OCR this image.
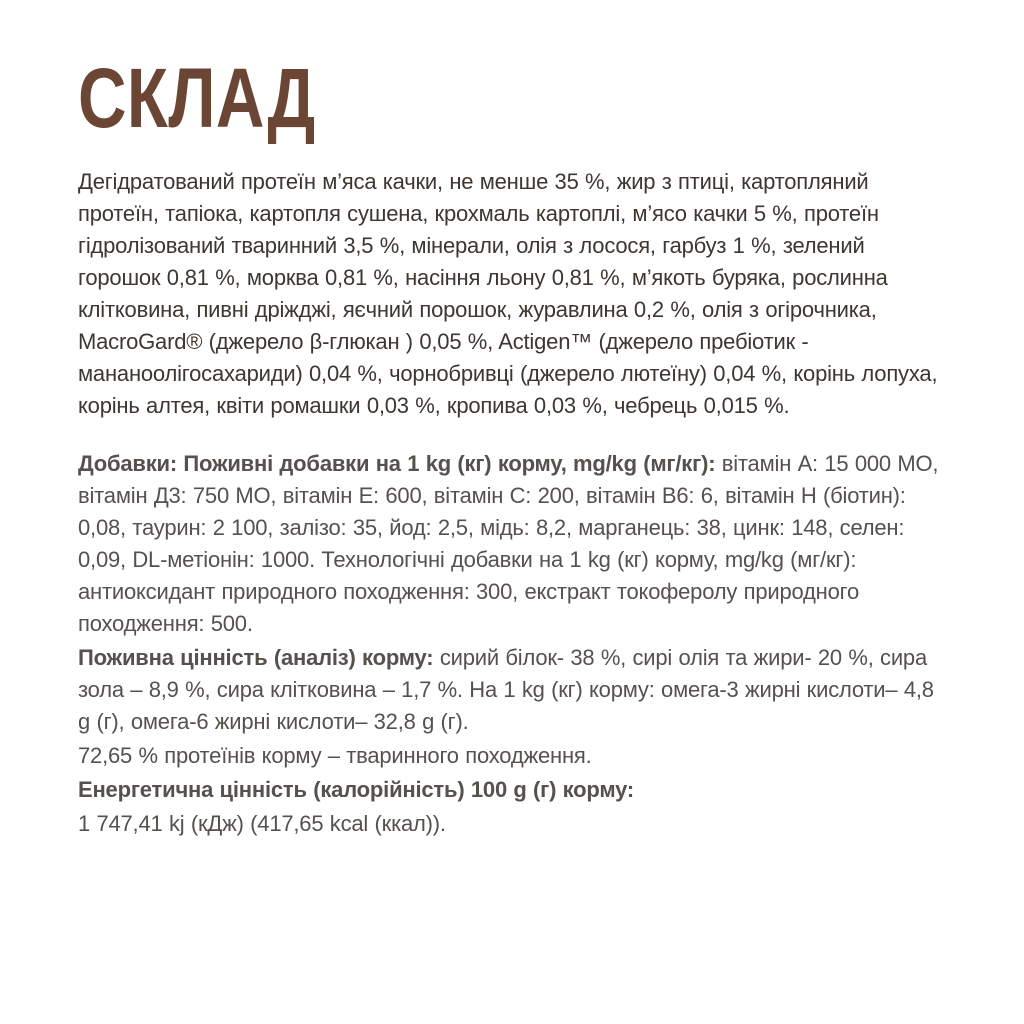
СКЛАД

Дегідратований протеїн м’яса качки, не менше 35 %, жир з птиці, картопляний протеїн, тапіока, картопля сушена, крохмаль картоплі, м’ясо качки 5 %, протеїн гідролізований тваринний 3,5 %, мінерали, олія з лосося, гарбуз 1 %, зелений горошок 0,81 %, морква 0,81 %, насіння льону 0,81 %, м’якоть буряка, рослинна клітковина, пивні дріжджі, яєчний порошок, журавлина 0,2 %, олія з огірочника, MacroGard® (джерело β-глюкан ) 0,05 %, Actigen™ (джерело пребіотик - мананоолігосахариди) 0,04 %, чорнобривці (джерело лютеїну) 0,04 %, корінь лопуха, корінь алтея, квіти ромашки 0,03 %, кропива 0,03 %, чебрець 0,015 %.

Добавки: Поживні добавки на 1 kg (кг) корму, mg/kg (мг/кг): вітамін А: 15 000 МО, вітамін Д3: 750 МО, вітамін Е: 600, вітамін С: 200, вітамін В6: 6, вітамін Н (біотин): 0,08, таурин: 2 100, залізо: 35, йод: 2,5, мідь: 8,2, марганець: 38, цинк: 148, селен: 0,09, DL-метіонін: 1000. Технологічні добавки на 1 kg (кг) корму, mg/kg (мг/кг): антиоксидант природного походження: 300, екстракт токоферолу природного походження: 500.

Поживна цінність (аналіз) корму: сирий білок- 38 %, сирі олія та жири- 20 %, сира зола – 8,9 %, сира клітковина – 1,7 %. На 1 kg (кг) корму: омега-3 жирні кислоти– 4,8 g (г), омега-6 жирні кислоти– 32,8 g (г).

72,65 % протеїнів корму – тваринного походження.

Енергетична цінність (калорійність) 100 g (г) корму:

1 747,41 kj (кДж) (417,65 kcal (ккал)).
